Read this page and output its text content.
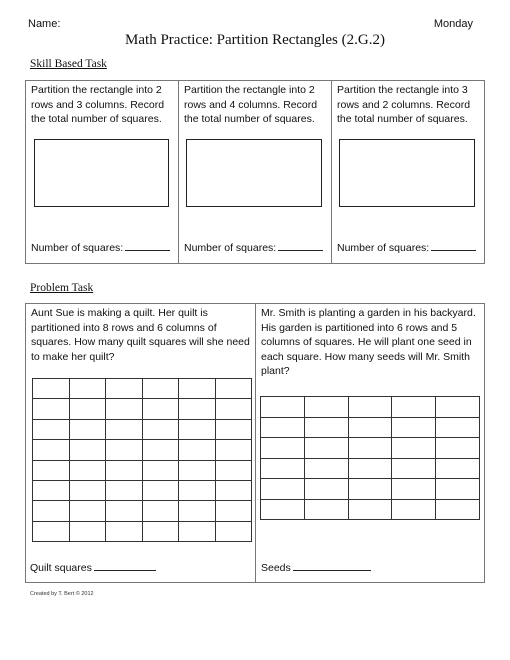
Name:	Monday
Math Practice: Partition Rectangles (2.G.2)
Skill Based Task
Partition the rectangle into 2 rows and 3 columns. Record the total number of squares.
Number of squares:
Partition the rectangle into 2 rows and 4 columns. Record the total number of squares.
Number of squares:
Partition the rectangle into 3 rows and 2 columns. Record the total number of squares.
Number of squares:
Problem Task
Aunt Sue is making a quilt. Her quilt is partitioned into 8 rows and 6 columns of squares. How many quilt squares will she need to make her quilt?

Quilt squares
Mr. Smith is planting a garden in his backyard. His garden is partitioned into 6 rows and 5 columns of squares. He will plant one seed in each square. How many seeds will Mr. Smith plant?

Seeds
Created by T. Bert © 2012
